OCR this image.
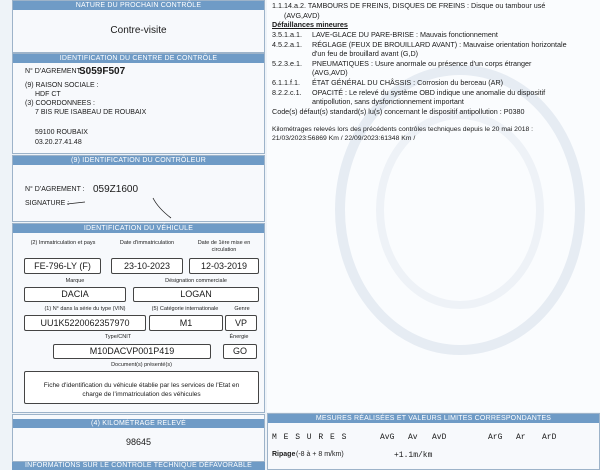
1.1.14.a.2. TAMBOURS DE FREINS, DISQUES DE FREINS : Disque ou tambour usé
(AVG,AVD)
Défaillances mineures
3.5.1.a.1. LAVE-GLACE DU PARE-BRISE : Mauvais fonctionnement
4.5.2.a.1. RÉGLAGE (FEUX DE BROUILLARD AVANT) : Mauvaise orientation horizontale
d'un feu de brouillard avant (G,D)
5.2.3.e.1. PNEUMATIQUES : Usure anormale ou présence d'un corps étranger
(AVG,AVD)
6.1.1.f.1. ÉTAT GÉNÉRAL DU CHÂSSIS : Corrosion du berceau (AR)
8.2.2.c.1. OPACITÉ : Le relevé du système OBD indique une anomalie du dispositif
antipollution, sans dysfonctionnement important
Code(s) défaut(s) standard(s) lu(s) concernant le dispositif antipollution : P0380
Kilométrages relevés lors des précédents contrôles techniques depuis le 20 mai 2018 :
21/03/2023:56869 Km / 22/09/2023:61348 Km /
MESURES RÉALISÉES ET VALEURS LIMITES CORRESPONDANTES
M E S U R E S	AvG Av AvD	ArG Ar ArD
Ripage (-8 à + 8 m/km)	+1.1m/km
NATURE DU PROCHAIN CONTRÔLE
Contre-visite
IDENTIFICATION DU CENTRE DE CONTRÔLE
N° D'AGREMENT :
S059F507
(9) RAISON SOCIALE :
HDF CT
(3) COORDONNEES :
7 BIS RUE ISABEAU DE ROUBAIX
59100 ROUBAIX
03.20.27.41.48
(9) IDENTIFICATION DU CONTRÔLEUR
N° D'AGREMENT : 059Z1600
SIGNATURE :
IDENTIFICATION DU VÉHICULE
(2) Immatriculation et pays	Date d'immatriculation	Date de 1ère mise en circulation
FE-796-LY (F)	23-10-2023	12-03-2019
Marque	Désignation commerciale
DACIA	LOGAN
(1) N° dans la série du type (VIN)	(5) Catégorie internationale	Genre
UU1K5220062357970	M1	VP
Type/CNIT	Énergie
M10DACVP001P419	GO
Document(s) présenté(s)
Fiche d'identification du véhicule établie par les services de l'Etat en charge de l'immatriculation des véhicules
(4) KILOMÉTRAGE RELEVÉ
98645
INFORMATIONS SUR LE CONTRÔLE TECHNIQUE DÉFAVORABLE
